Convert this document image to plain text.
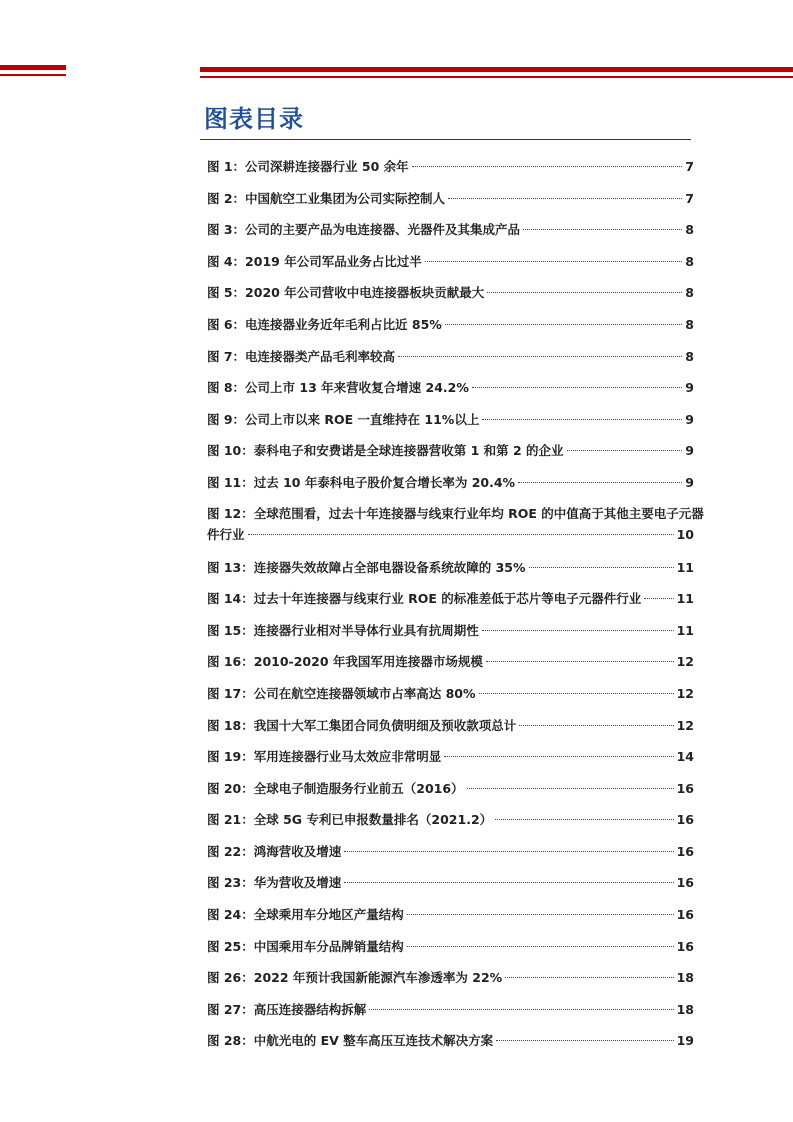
图表目录
图 1：公司深耕连接器行业 50 余年	7
图 2：中国航空工业集团为公司实际控制人	7
图 3：公司的主要产品为电连接器、光器件及其集成产品	8
图 4：2019 年公司军品业务占比过半	8
图 5：2020 年公司营收中电连接器板块贡献最大	8
图 6：电连接器业务近年毛利占比近 85%	8
图 7：电连接器类产品毛利率较高	8
图 8：公司上市 13 年来营收复合增速 24.2%	9
图 9：公司上市以来 ROE 一直维持在 11%以上	9
图 10：泰科电子和安费诺是全球连接器营收第 1 和第 2 的企业	9
图 11：过去 10 年泰科电子股价复合增长率为 20.4%	9
图 12：全球范围看，过去十年连接器与线束行业年均 ROE 的中值高于其他主要电子元器
件行业	10
图 13：连接器失效故障占全部电器设备系统故障的 35%	11
图 14：过去十年连接器与线束行业 ROE 的标准差低于芯片等电子元器件行业	11
图 15：连接器行业相对半导体行业具有抗周期性	11
图 16：2010-2020 年我国军用连接器市场规模	12
图 17：公司在航空连接器领域市占率高达 80%	12
图 18：我国十大军工集团合同负债明细及预收款项总计	12
图 19：军用连接器行业马太效应非常明显	14
图 20：全球电子制造服务行业前五（2016）	16
图 21：全球 5G 专利已申报数量排名（2021.2）	16
图 22：鸿海营收及增速	16
图 23：华为营收及增速	16
图 24：全球乘用车分地区产量结构	16
图 25：中国乘用车分品牌销量结构	16
图 26：2022 年预计我国新能源汽车渗透率为 22%	18
图 27：高压连接器结构拆解	18
图 28：中航光电的 EV 整车高压互连技术解决方案	19
